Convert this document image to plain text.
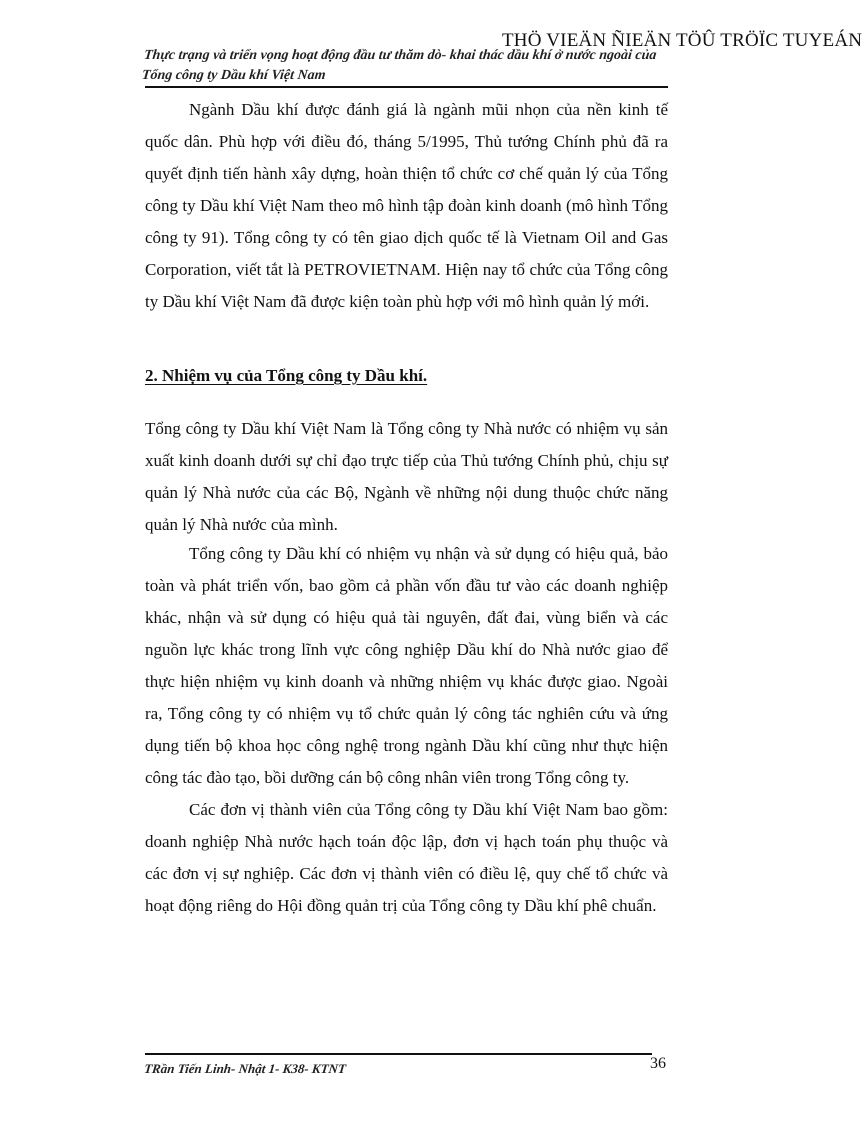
THÖ VIEÄN ÑIEÄN TÖÛ TRÖÏC TUYEÁN
Thực trạng và triển vọng hoạt động đầu tư thăm dò- khai thác dầu khí ở nước ngoài của Tổng công ty Dầu khí Việt Nam
Ngành Dầu khí được đánh giá là ngành mũi nhọn của nền kinh tế quốc dân. Phù hợp với điều đó, tháng 5/1995, Thủ tướng Chính phủ đã ra quyết định tiến hành xây dựng, hoàn thiện tổ chức cơ chế quản lý của Tổng công ty Dầu khí Việt Nam theo mô hình tập đoàn kinh doanh (mô hình Tổng công ty 91). Tổng công ty có tên giao dịch quốc tế là Vietnam Oil and Gas Corporation, viết tắt là PETROVIETNAM. Hiện nay tổ chức của Tổng công ty Dầu khí Việt Nam đã được kiện toàn phù hợp với mô hình quản lý mới.
2. Nhiệm vụ của Tổng công ty Dầu khí.

Tổng công ty Dầu khí Việt Nam là Tổng công ty Nhà nước có nhiệm vụ sản xuất kinh doanh dưới sự chỉ đạo trực tiếp của Thủ tướng Chính phủ, chịu sự quản lý Nhà nước của các Bộ, Ngành về những nội dung thuộc chức năng quản lý Nhà nước của mình.

Tổng công ty Dầu khí có nhiệm vụ nhận và sử dụng có hiệu quả, bảo toàn và phát triển vốn, bao gồm cả phần vốn đầu tư vào các doanh nghiệp khác, nhận và sử dụng có hiệu quả tài nguyên, đất đai, vùng biển và các nguồn lực khác trong lĩnh vực công nghiệp Dầu khí do Nhà nước giao để thực hiện nhiệm vụ kinh doanh và những nhiệm vụ khác được giao. Ngoài ra, Tổng công ty có nhiệm vụ tổ chức quản lý công tác nghiên cứu và ứng dụng tiến bộ khoa học công nghệ trong ngành Dầu khí cũng như thực hiện công tác đào tạo, bồi dưỡng cán bộ công nhân viên trong Tổng công ty.

Các đơn vị thành viên của Tổng công ty Dầu khí Việt Nam bao gồm: doanh nghiệp Nhà nước hạch toán độc lập, đơn vị hạch toán phụ thuộc và các đơn vị sự nghiệp. Các đơn vị thành viên có điều lệ, quy chế tổ chức và hoạt động riêng do Hội đồng quản trị của Tổng công ty Dầu khí phê chuẩn.

TRần Tiến Linh- Nhật 1- K38- KTNT	36
